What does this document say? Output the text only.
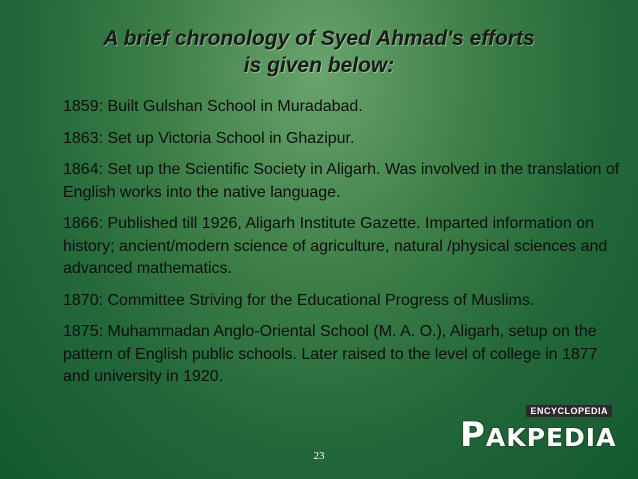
A brief chronology of Syed Ahmad's efforts
is given below:
1859: Built Gulshan School in Muradabad.
1863: Set up Victoria School in Ghazipur.
1864: Set up the Scientific Society in Aligarh. Was involved in the translation of English works into the native language.
1866: Published till 1926, Aligarh Institute Gazette. Imparted information on history; ancient/modern science of agriculture, natural /physical sciences and advanced mathematics.
1870: Committee Striving for the Educational Progress of Muslims.
1875: Muhammadan Anglo-Oriental School (M. A. O.), Aligarh, setup on the pattern of English public schools. Later raised to the level of college in 1877 and university in 1920.
23
ENCYCLOPEDIA
PAKPEDIA
